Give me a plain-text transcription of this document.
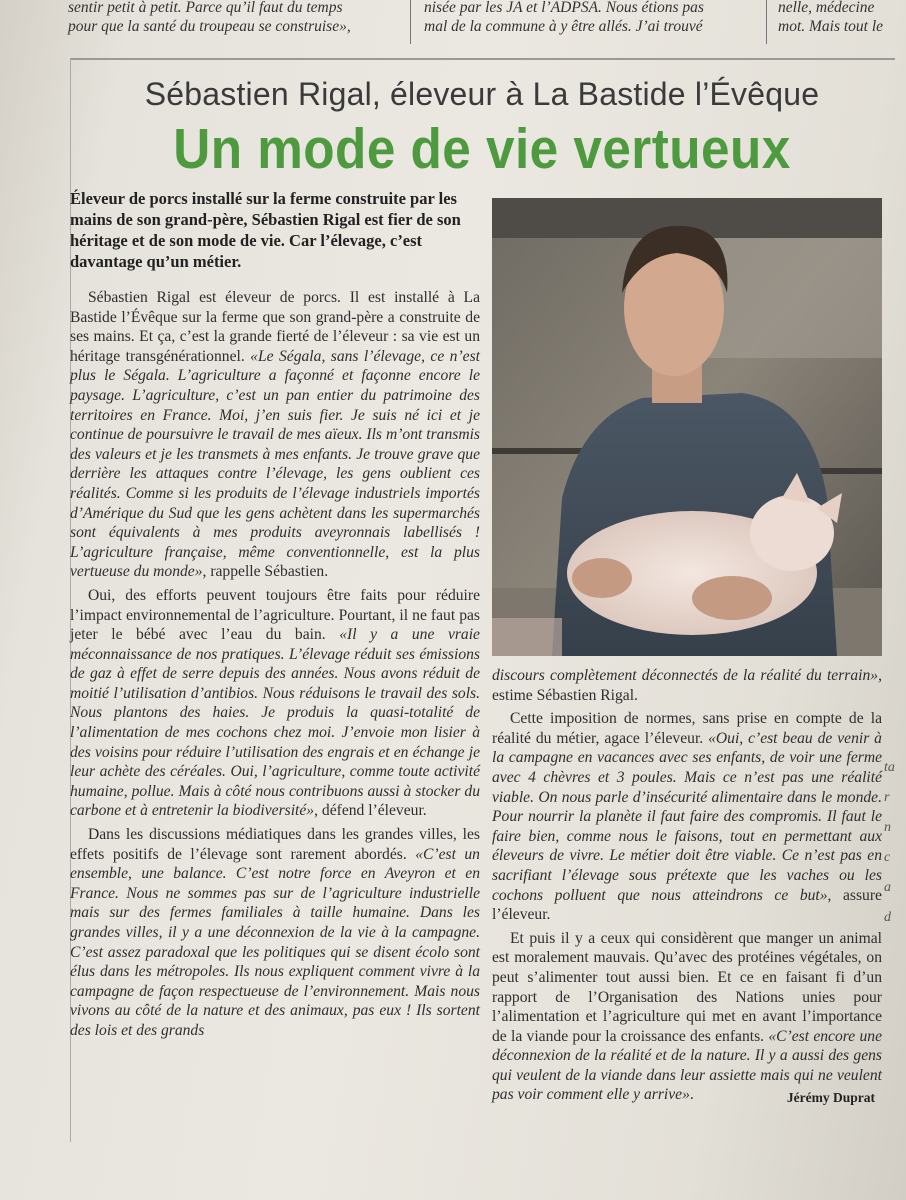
sentir petit à petit. Parce qu’il faut du temps
pour que la santé du troupeau se construise»,
nisée par les JA et l’ADPSA. Nous étions pas
mal de la commune à y être allés. J’ai trouvé
nelle, médecine
mot. Mais tout le
ta
r
n
c
a
d
Sébastien Rigal, éleveur à La Bastide l’Évêque
Un mode de vie vertueux

Éleveur de porcs installé sur la ferme construite par les mains de son grand-père, Sébastien Rigal est fier de son héritage et de son mode de vie. Car l’élevage, c’est davantage qu’un métier.

Sébastien Rigal est éleveur de porcs. Il est installé à La Bastide l’Évêque sur la ferme que son grand-père a construite de ses mains. Et ça, c’est la grande fierté de l’éleveur : sa vie est un héritage transgénérationnel. «Le Ségala, sans l’élevage, ce n’est plus le Ségala. L’agriculture a façonné et façonne encore le paysage. L’agriculture, c’est un pan entier du patrimoine des territoires en France. Moi, j’en suis fier. Je suis né ici et je continue de poursuivre le travail de mes aïeux. Ils m’ont transmis des valeurs et je les transmets à mes enfants. Je trouve grave que derrière les attaques contre l’élevage, les gens oublient ces réalités. Comme si les produits de l’élevage industriels importés d’Amérique du Sud que les gens achètent dans les supermarchés sont équivalents à mes produits aveyronnais labellisés ! L’agriculture française, même conventionnelle, est la plus vertueuse du monde», rappelle Sébastien.

Oui, des efforts peuvent toujours être faits pour réduire l’impact environnemental de l’agriculture. Pourtant, il ne faut pas jeter le bébé avec l’eau du bain. «Il y a une vraie méconnaissance de nos pratiques. L’élevage réduit ses émissions de gaz à effet de serre depuis des années. Nous avons réduit de moitié l’utilisation d’antibios. Nous réduisons le travail des sols. Nous plantons des haies. Je produis la quasi-totalité de l’alimentation de mes cochons chez moi. J’envoie mon lisier à des voisins pour réduire l’utilisation des engrais et en échange je leur achète des céréales. Oui, l’agriculture, comme toute activité humaine, pollue. Mais à côté nous contribuons aussi à stocker du carbone et à entretenir la biodiversité», défend l’éleveur.

Dans les discussions médiatiques dans les grandes villes, les effets positifs de l’élevage sont rarement abordés. «C’est un ensemble, une balance. C’est notre force en Aveyron et en France. Nous ne sommes pas sur de l’agriculture industrielle mais sur des fermes familiales à taille humaine. Dans les grandes villes, il y a une déconnexion de la vie à la campagne. C’est assez paradoxal que les politiques qui se disent écolo sont élus dans les métropoles. Ils nous expliquent comment vivre à la campagne de façon respectueuse de l’environnement. Mais nous vivons au côté de la nature et des animaux, pas eux ! Ils sortent des lois et des grands

discours complètement déconnectés de la réalité du terrain», estime Sébastien Rigal.

Cette imposition de normes, sans prise en compte de la réalité du métier, agace l’éleveur. «Oui, c’est beau de venir à la campagne en vacances avec ses enfants, de voir une ferme avec 4 chèvres et 3 poules. Mais ce n’est pas une réalité viable. On nous parle d’insécurité alimentaire dans le monde. Pour nourrir la planète il faut faire des compromis. Il faut le faire bien, comme nous le faisons, tout en permettant aux éleveurs de vivre. Le métier doit être viable. Ce n’est pas en sacrifiant l’élevage sous prétexte que les vaches ou les cochons polluent que nous atteindrons ce but», assure l’éleveur.

Et puis il y a ceux qui considèrent que manger un animal est moralement mauvais. Qu’avec des protéines végétales, on peut s’alimenter tout aussi bien. Et ce en faisant fi d’un rapport de l’Organisation des Nations unies pour l’alimentation et l’agriculture qui met en avant l’importance de la viande pour la croissance des enfants. «C’est encore une déconnexion de la réalité et de la nature. Il y a aussi des gens qui veulent de la viande dans leur assiette mais qui ne veulent pas voir comment elle y arrive».	Jérémy Duprat
